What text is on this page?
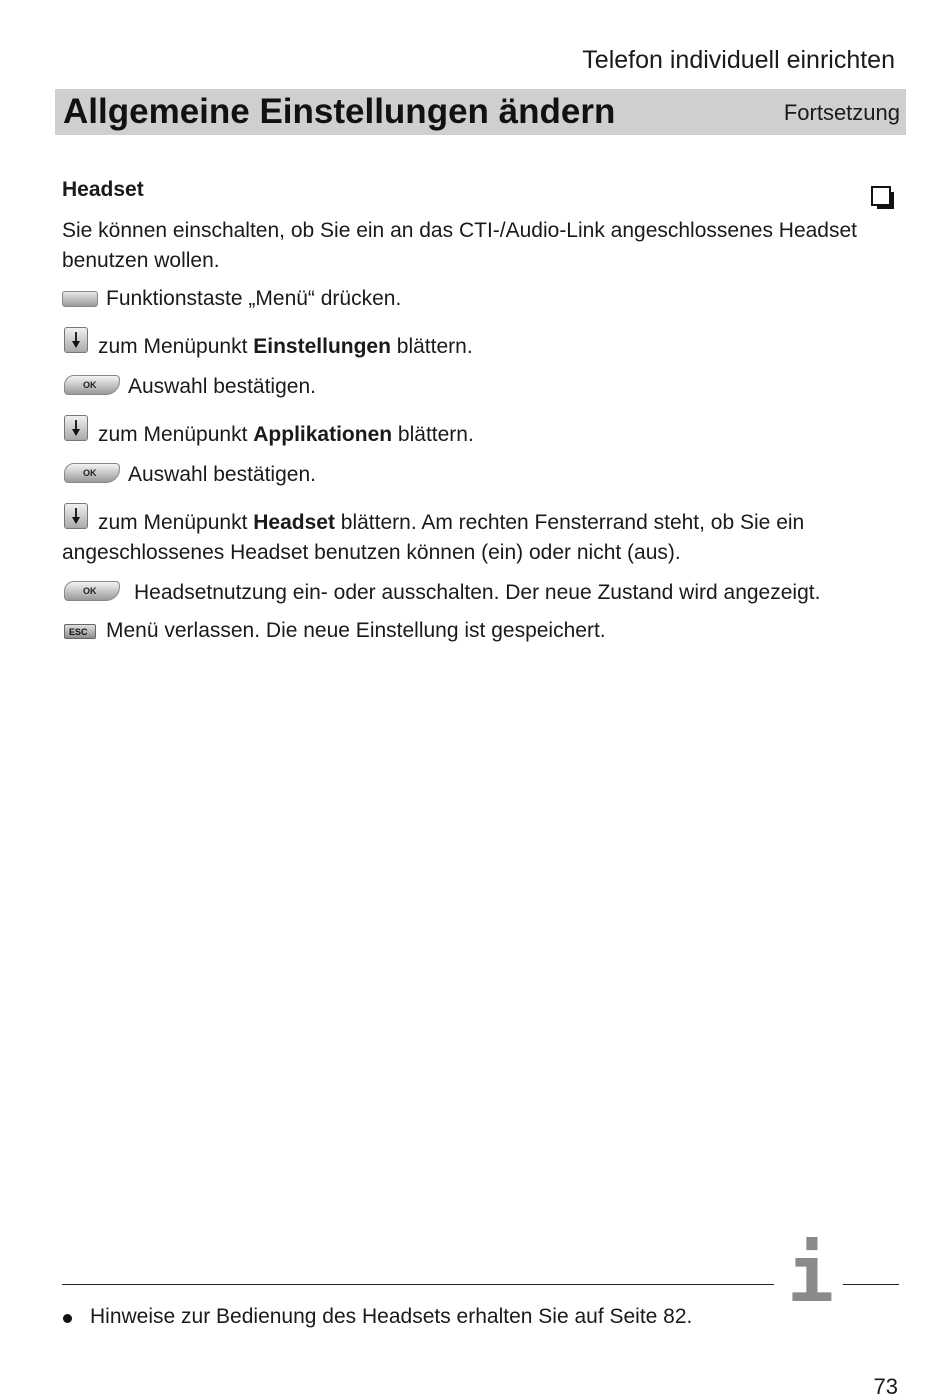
Telefon individuell einrichten
Allgemeine Einstellungen ändern	Fortsetzung
Headset
Sie können einschalten, ob Sie ein an das CTI-/Audio-Link angeschlossenes Headset benutzen wollen.
Funktionstaste „Menü“ drücken.
zum Menüpunkt Einstellungen blättern.
OK Auswahl bestätigen.
zum Menüpunkt Applikationen blättern.
OK Auswahl bestätigen.
zum Menüpunkt Headset blättern. Am rechten Fensterrand steht, ob Sie ein
angeschlossenes Headset benutzen können (ein) oder nicht (aus).
OK Headsetnutzung ein- oder ausschalten. Der neue Zustand wird angezeigt.
ESC Menü verlassen. Die neue Einstellung ist gespeichert.
i
Hinweise zur Bedienung des Headsets erhalten Sie auf Seite 82.
73
